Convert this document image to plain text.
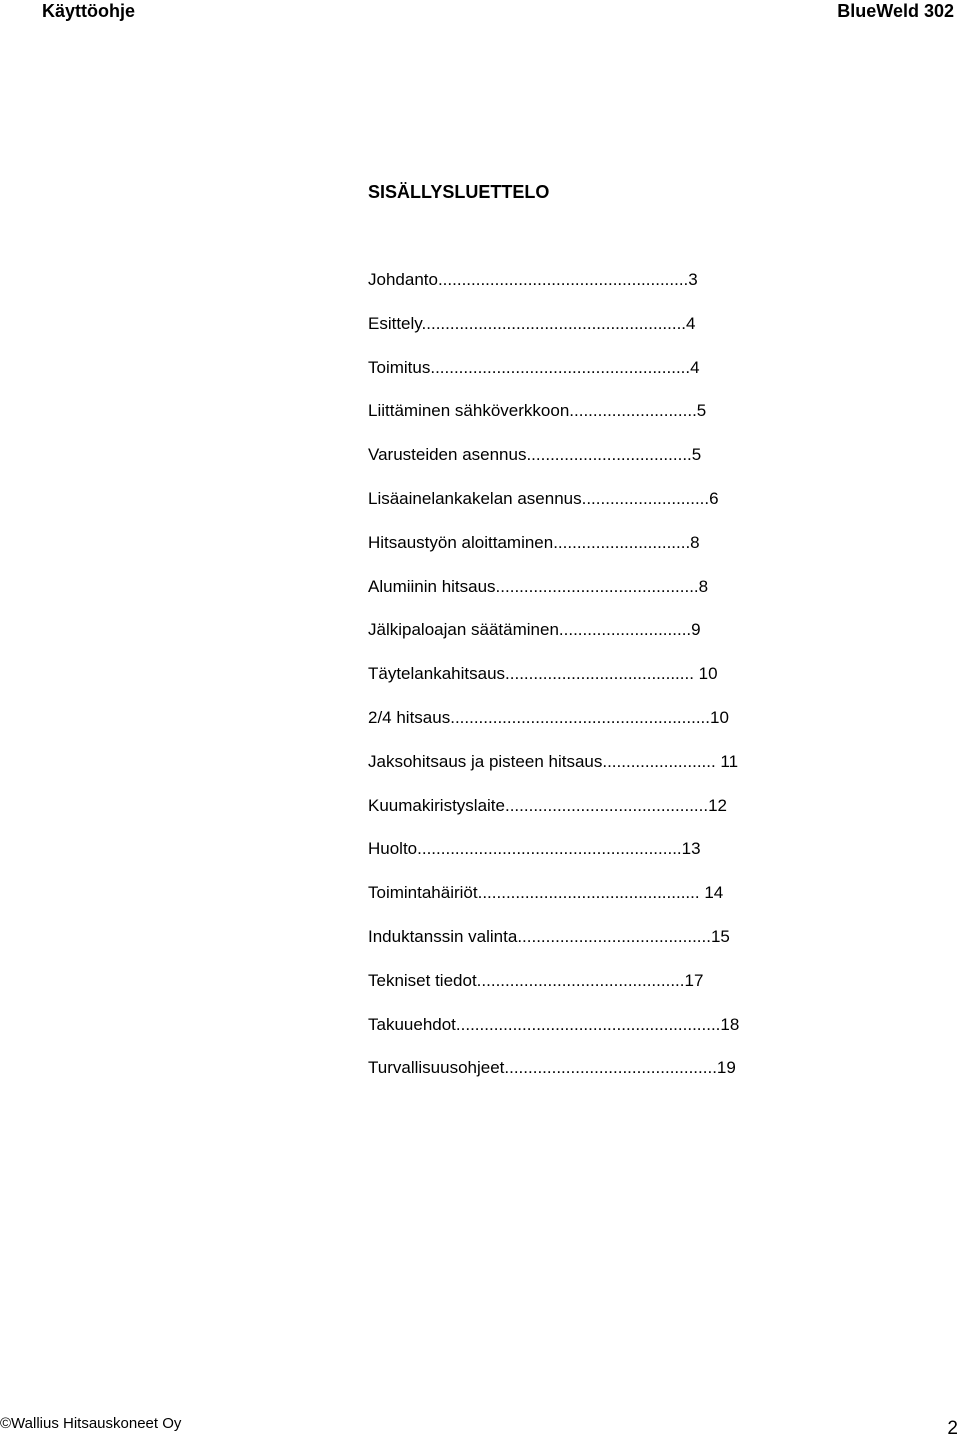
Käyttöohje	BlueWeld 302
SISÄLLYSLUETTELO
Johdanto.....................................................3
Esittely........................................................4
Toimitus.......................................................4
Liittäminen sähköverkkoon...........................5
Varusteiden asennus...................................5
Lisäainelankakelan asennus...........................6
Hitsaustyön aloittaminen.............................8
Alumiinin hitsaus...........................................8
Jälkipaloajan säätäminen............................9
Täytelankahitsaus........................................ 10
2/4 hitsaus.......................................................10
Jaksohitsaus ja pisteen hitsaus........................ 11
Kuumakiristyslaite...........................................12
Huolto........................................................13
Toimintahäiriöt............................................... 14
Induktanssin valinta.........................................15
Tekniset tiedot............................................17
Takuuehdot........................................................18
Turvallisuusohjeet.............................................19
©Wallius Hitsauskoneet Oy	2
